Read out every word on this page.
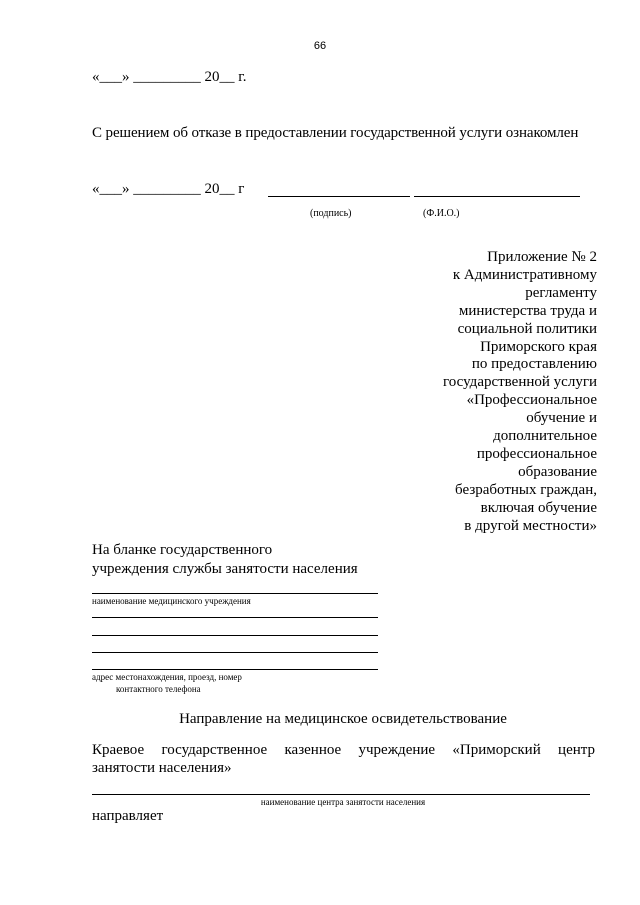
66
«___» _________ 20__ г.
С решением об отказе в предоставлении государственной услуги ознакомлен
«___» _________ 20__ г
(подпись)	(Ф.И.О.)
Приложение № 2
к Административному
регламенту
министерства труда и
социальной политики
Приморского края
по предоставлению
государственной услуги
«Профессиональное
обучение и
дополнительное
профессиональное
образование
безработных граждан,
включая обучение
в другой местности»
На бланке государственного
учреждения службы занятости населения
наименование медицинского учреждения
адрес местонахождения, проезд, номер
контактного телефона
Направление на медицинское освидетельствование
Краевое государственное казенное учреждение «Приморский центр
занятости населения»
наименование центра занятости населения
направляет
